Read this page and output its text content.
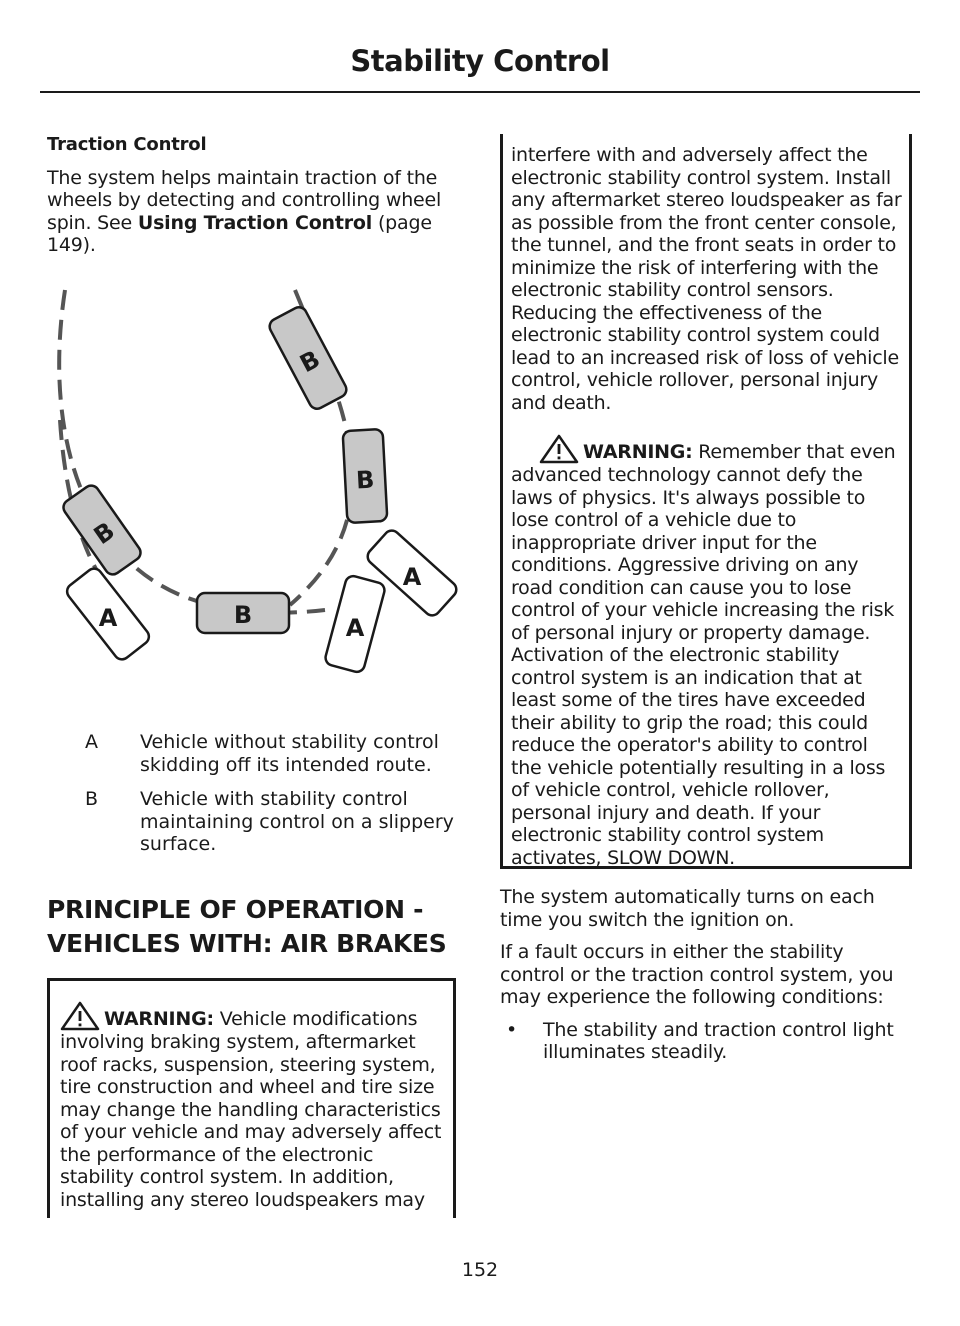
Stability Control
Traction Control

The system helps maintain traction of the wheels by detecting and controlling wheel spin. See Using Traction Control (page 149).

B
B
B
B
A	A
A
A	Vehicle without stability control skidding off its intended route.
B	Vehicle with stability control maintaining control on a slippery surface.
PRINCIPLE OF OPERATION -
VEHICLES WITH: AIR BRAKES
WARNING: Vehicle modifications involving braking system, aftermarket roof racks, suspension, steering system, tire construction and wheel and tire size may change the handling characteristics of your vehicle and may adversely affect the performance of the electronic stability control system. In addition, installing any stereo loudspeakers may

interfere with and adversely affect the electronic stability control system. Install any aftermarket stereo loudspeaker as far as possible from the front center console, the tunnel, and the front seats in order to minimize the risk of interfering with the electronic stability control sensors. Reducing the effectiveness of the electronic stability control system could lead to an increased risk of loss of vehicle control, vehicle rollover, personal injury and death.

WARNING: Remember that even advanced technology cannot defy the laws of physics. It's always possible to lose control of a vehicle due to inappropriate driver input for the conditions. Aggressive driving on any road condition can cause you to lose control of your vehicle increasing the risk of personal injury or property damage. Activation of the electronic stability control system is an indication that at least some of the tires have exceeded their ability to grip the road; this could reduce the operator's ability to control the vehicle potentially resulting in a loss of vehicle control, vehicle rollover, personal injury and death. If your electronic stability control system activates, SLOW DOWN.

The system automatically turns on each time you switch the ignition on.

If a fault occurs in either the stability control or the traction control system, you may experience the following conditions:

•	The stability and traction control light illuminates steadily.
152
